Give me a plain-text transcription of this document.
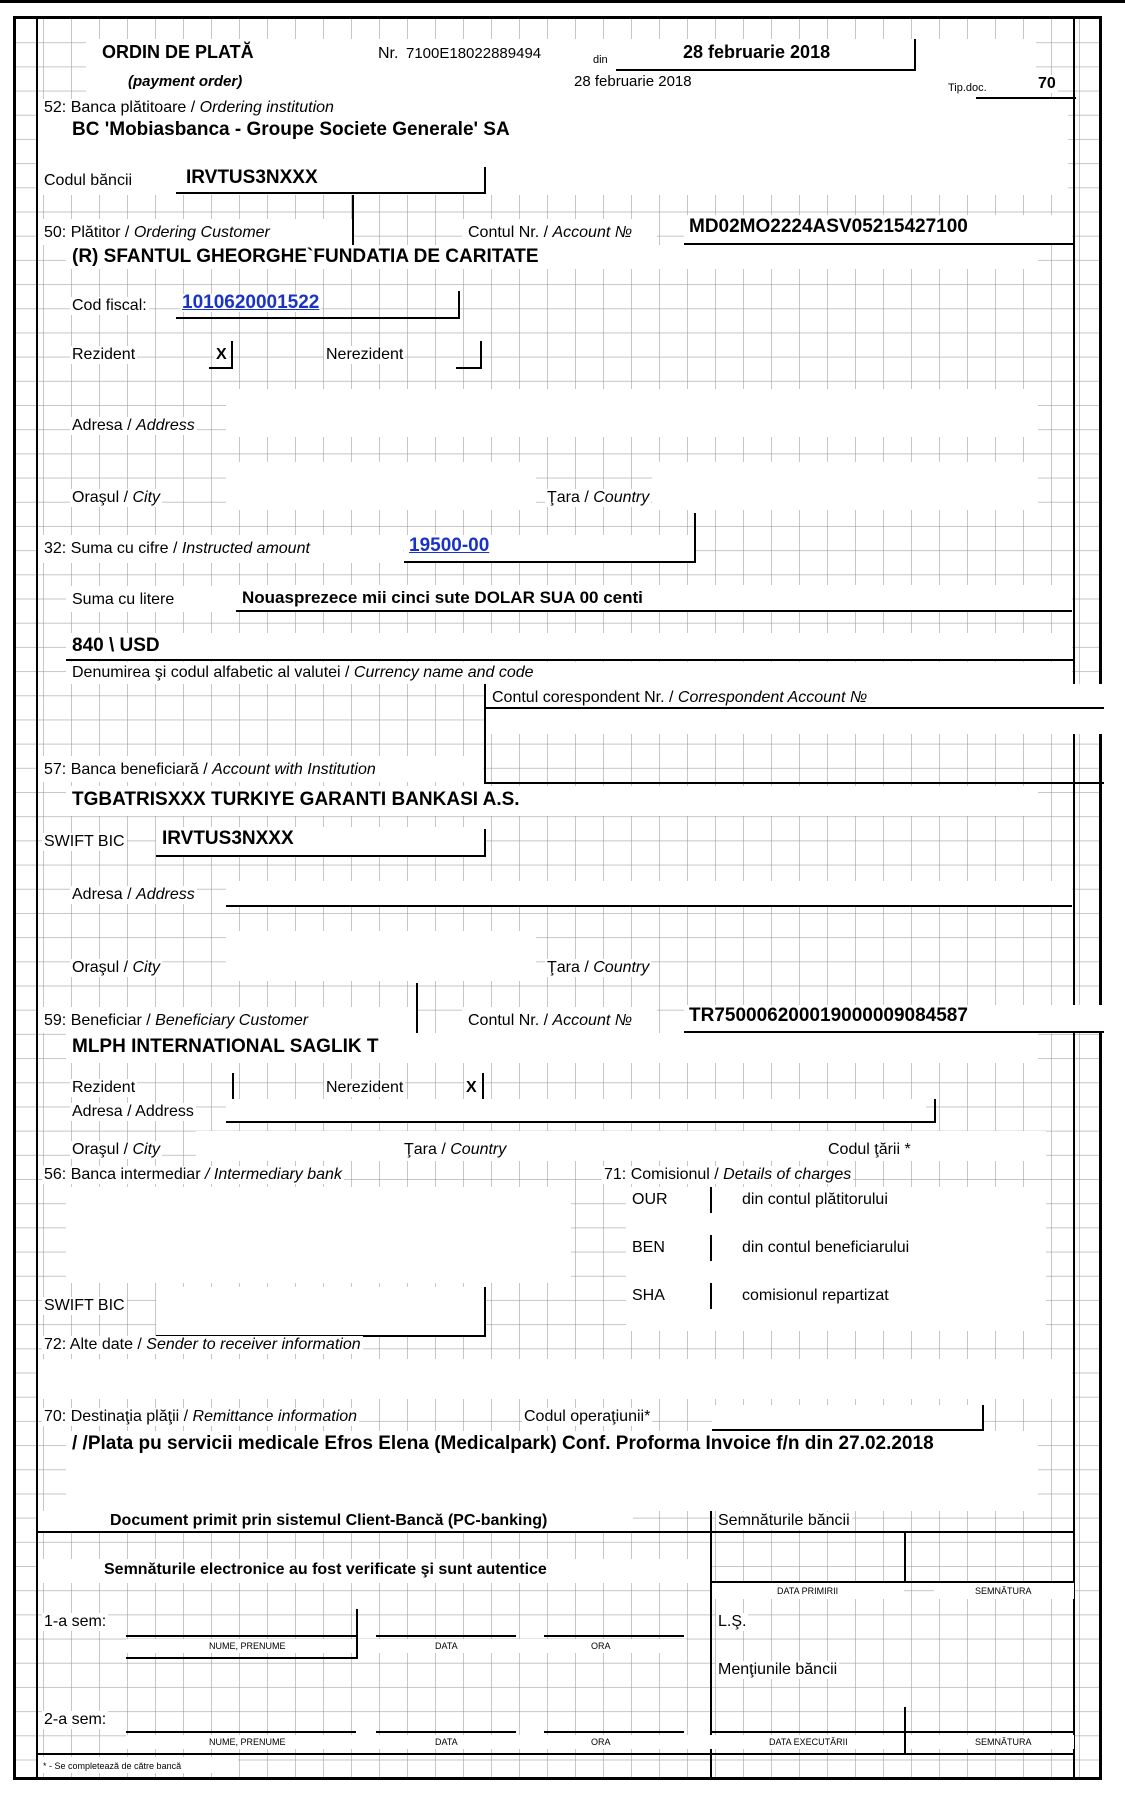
ORDIN DE PLATĂ
(payment order)
Nr. 7100E18022889494	din	28 februarie 2018
28 februarie 2018	Tip.doc.	70
52: Banca plătitoare / Ordering institution
BC 'Mobiasbanca - Groupe Societe Generale' SA
Codul băncii	IRVTUS3NXXX
50: Plătitor / Ordering Customer	Contul Nr. / Account №	MD02MO2224ASV05215427100
(R) SFANTUL GHEORGHE`FUNDATIA DE CARITATE
Cod fiscal: 1010620001522
Rezident	X	Nerezident
Adresa / Address
Oraşul / City	Ţara / Country
32: Suma cu cifre / Instructed amount	19500-00
Suma cu litere	Nouasprezece mii cinci sute DOLAR SUA 00 centi
840 \ USD
Denumirea şi codul alfabetic al valutei / Currency name and code
Contul corespondent Nr. / Correspondent Account №
57: Banca beneficiară / Account with Institution
TGBATRISXXX TURKIYE GARANTI BANKASI A.S.
SWIFT BIC IRVTUS3NXXX
Adresa / Address
Oraşul / City	Ţara / Country
59: Beneficiar / Beneficiary Customer	Contul Nr. / Account №	TR750006200019000009084587
MLPH INTERNATIONAL SAGLIK T
Rezident	Nerezident	X
Adresa / Address
Oraşul / City	Ţara / Country	Codul ţării *
56: Banca intermediar / Intermediary bank
SWIFT BIC
71: Comisionul / Details of charges
OUR	din contul plătitorului
BEN	din contul beneficiarului
SHA	comisionul repartizat
72: Alte date / Sender to receiver information
70: Destinaţia plăţii / Remittance information	Codul operaţiunii*
/ /Plata pu servicii medicale Efros Elena (Medicalpark) Conf. Proforma Invoice f/n din 27.02.2018
Document primit prin sistemul Client-Bancă (PC-banking)	Semnăturile băncii
Semnăturile electronice au fost verificate şi sunt autentice
DATA PRIMIRII	SEMNĂTURA
1-a sem:
NUME, PRENUME	DATA	ORA
L.Ş.
Menţiunile băncii
2-a sem:
NUME, PRENUME	DATA	ORA	DATA EXECUTĂRII	SEMNĂTURA
* - Se completează de către bancă
